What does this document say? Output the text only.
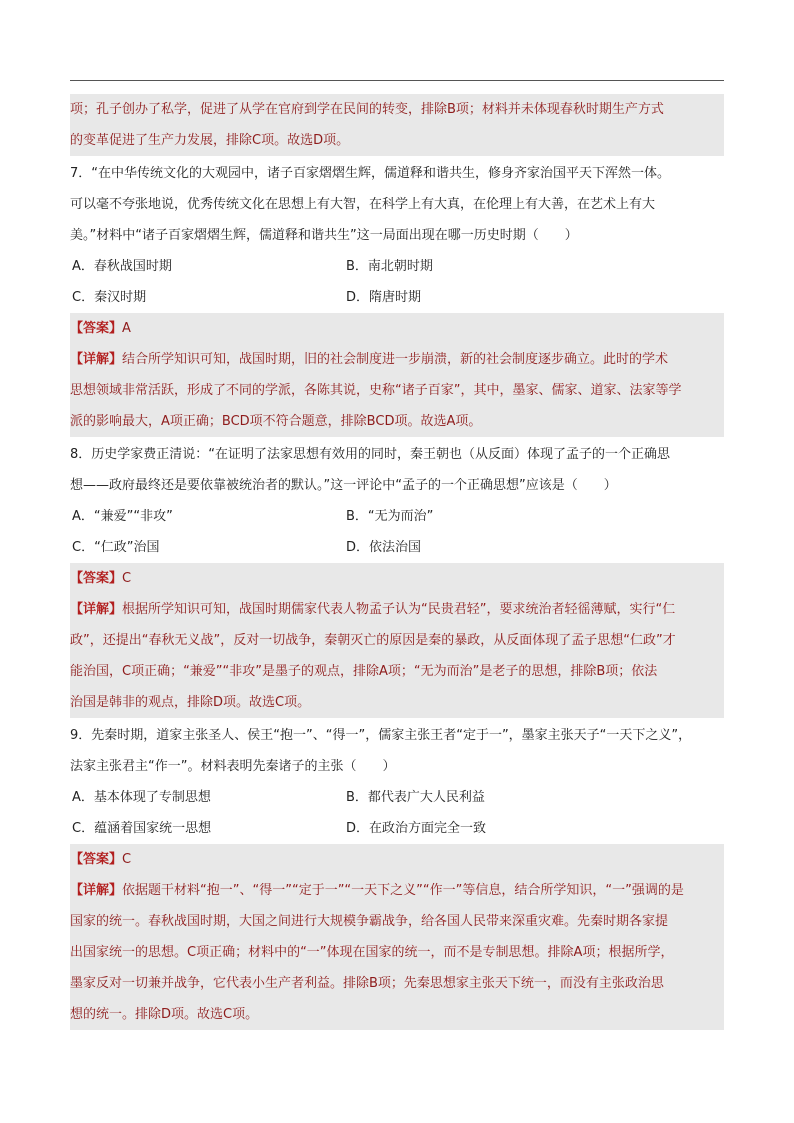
项；孔子创办了私学，促进了从学在官府到学在民间的转变，排除B项；材料并未体现春秋时期生产方式
的变革促进了生产力发展，排除C项。故选D项。
7．“在中华传统文化的大观园中，诸子百家熠熠生辉，儒道释和谐共生，修身齐家治国平天下浑然一体。
可以毫不夸张地说，优秀传统文化在思想上有大智，在科学上有大真，在伦理上有大善，在艺术上有大
美。”材料中“诸子百家熠熠生辉，儒道释和谐共生”这一局面出现在哪一历史时期（　　）
A．春秋战国时期	B．南北朝时期
C．秦汉时期	D．隋唐时期
【答案】A
【详解】结合所学知识可知，战国时期，旧的社会制度进一步崩溃，新的社会制度逐步确立。此时的学术
思想领域非常活跃，形成了不同的学派，各陈其说，史称“诸子百家”，其中，墨家、儒家、道家、法家等学
派的影响最大，A项正确；BCD项不符合题意，排除BCD项。故选A项。
8．历史学家费正清说：“在证明了法家思想有效用的同时，秦王朝也（从反面）体现了孟子的一个正确思
想——政府最终还是要依靠被统治者的默认。”这一评论中“孟子的一个正确思想”应该是（　　）
A．“兼爱”“非攻”	B．“无为而治”
C．“仁政”治国	D．依法治国
【答案】C
【详解】根据所学知识可知，战国时期儒家代表人物孟子认为“民贵君轻”，要求统治者轻徭薄赋，实行“仁
政”，还提出“春秋无义战”，反对一切战争，秦朝灭亡的原因是秦的暴政，从反面体现了孟子思想“仁政”才
能治国，C项正确；“兼爱”“非攻”是墨子的观点，排除A项；“无为而治”是老子的思想，排除B项；依法
治国是韩非的观点，排除D项。故选C项。
9．先秦时期，道家主张圣人、侯王“抱一”、“得一”，儒家主张王者“定于一”，墨家主张天子“一天下之义”，
法家主张君主“作一”。材料表明先秦诸子的主张（　　）
A．基本体现了专制思想	B．都代表广大人民利益
C．蕴涵着国家统一思想	D．在政治方面完全一致
【答案】C
【详解】依据题干材料“抱一”、“得一”“定于一”“一天下之义”“作一”等信息，结合所学知识，“一”强调的是
国家的统一。春秋战国时期，大国之间进行大规模争霸战争，给各国人民带来深重灾难。先秦时期各家提
出国家统一的思想。C项正确；材料中的“一”体现在国家的统一，而不是专制思想。排除A项；根据所学，
墨家反对一切兼并战争，它代表小生产者利益。排除B项；先秦思想家主张天下统一，而没有主张政治思
想的统一。排除D项。故选C项。
